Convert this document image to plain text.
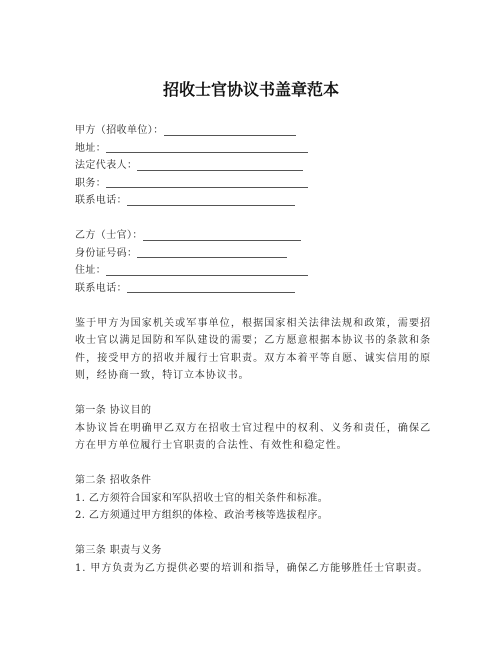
招收士官协议书盖章范本
甲方（招收单位）：
地址：
法定代表人：
职务：
联系电话：
乙方（士官）：
身份证号码：
住址：
联系电话：

鉴于甲方为国家机关或军事单位，根据国家相关法律法规和政策，需要招收士官以满足国防和军队建设的需要；乙方愿意根据本协议书的条款和条件，接受甲方的招收并履行士官职责。双方本着平等自愿、诚实信用的原则，经协商一致，特订立本协议书。

第一条 协议目的

本协议旨在明确甲乙双方在招收士官过程中的权利、义务和责任，确保乙方在甲方单位履行士官职责的合法性、有效性和稳定性。

第二条 招收条件

1. 乙方须符合国家和军队招收士官的相关条件和标准。

2. 乙方须通过甲方组织的体检、政治考核等选拔程序。

第三条 职责与义务

1. 甲方负责为乙方提供必要的培训和指导，确保乙方能够胜任士官职责。
